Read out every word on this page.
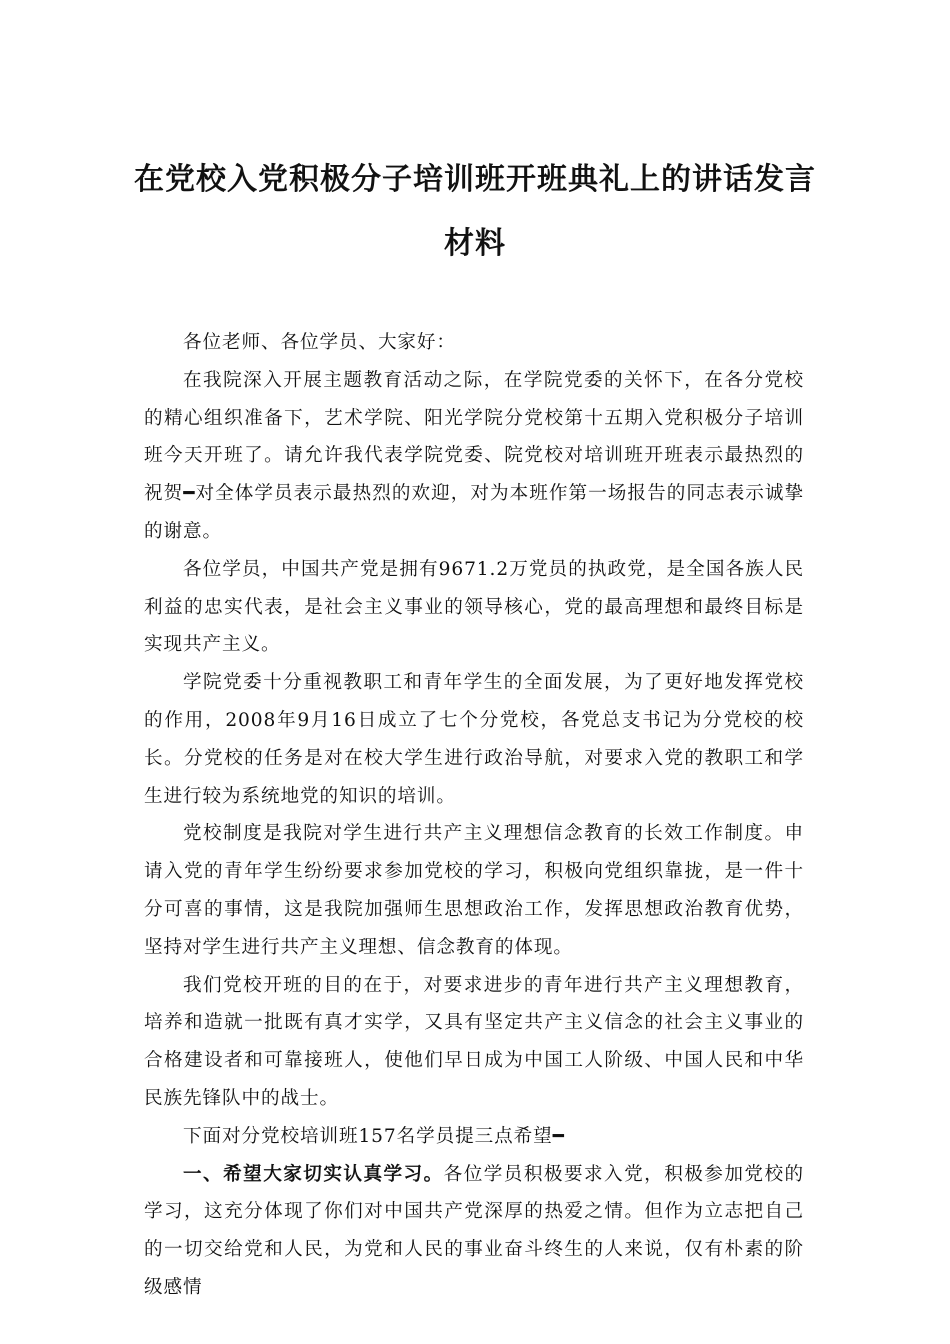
在党校入党积极分子培训班开班典礼上的讲话发言材料

各位老师、各位学员、大家好：

在我院深入开展主题教育活动之际，在学院党委的关怀下，在各分党校的精心组织准备下，艺术学院、阳光学院分党校第十五期入党积极分子培训班今天开班了。请允许我代表学院党委、院党校对培训班开班表示最热烈的祝贺━对全体学员表示最热烈的欢迎，对为本班作第一场报告的同志表示诚挚的谢意。

各位学员，中国共产党是拥有9671.2万党员的执政党，是全国各族人民利益的忠实代表，是社会主义事业的领导核心，党的最高理想和最终目标是实现共产主义。

学院党委十分重视教职工和青年学生的全面发展，为了更好地发挥党校的作用，2008年9月16日成立了七个分党校，各党总支书记为分党校的校长。分党校的任务是对在校大学生进行政治导航，对要求入党的教职工和学生进行较为系统地党的知识的培训。

党校制度是我院对学生进行共产主义理想信念教育的长效工作制度。申请入党的青年学生纷纷要求参加党校的学习，积极向党组织靠拢，是一件十分可喜的事情，这是我院加强师生思想政治工作，发挥思想政治教育优势，坚持对学生进行共产主义理想、信念教育的体现。

我们党校开班的目的在于，对要求进步的青年进行共产主义理想教育，培养和造就一批既有真才实学，又具有坚定共产主义信念的社会主义事业的合格建设者和可靠接班人，使他们早日成为中国工人阶级、中国人民和中华民族先锋队中的战士。

下面对分党校培训班157名学员提三点希望━

一、希望大家切实认真学习。各位学员积极要求入党，积极参加党校的学习，这充分体现了你们对中国共产党深厚的热爱之情。但作为立志把自己的一切交给党和人民，为党和人民的事业奋斗终生的人来说，仅有朴素的阶级感情
